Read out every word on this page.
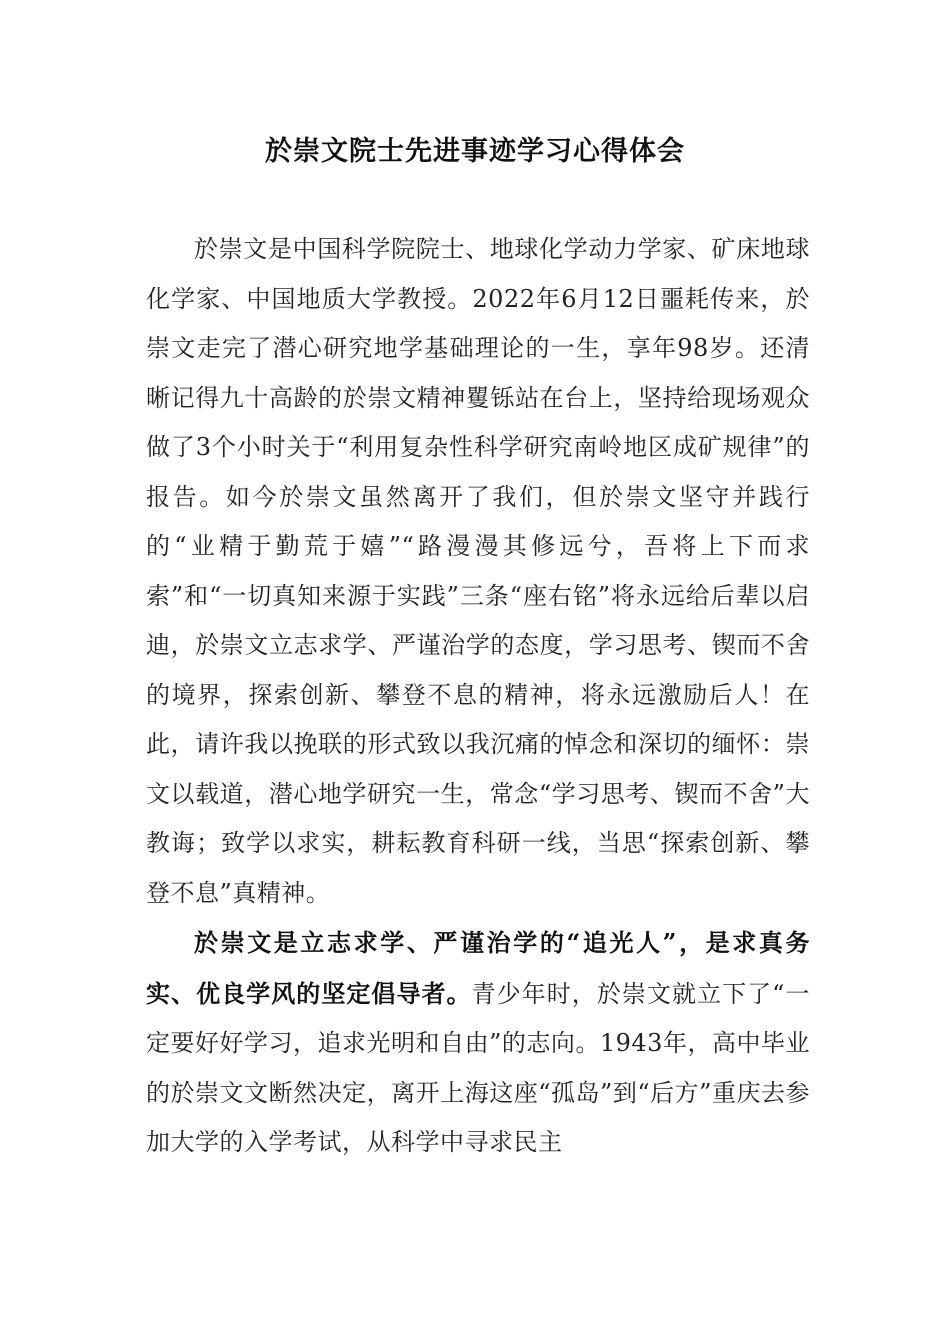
於崇文院士先进事迹学习心得体会

於崇文是中国科学院院士、地球化学动力学家、矿床地球化学家、中国地质大学教授。2022年6月12日噩耗传来，於崇文走完了潜心研究地学基础理论的一生，享年98岁。还清晰记得九十高龄的於崇文精神矍铄站在台上，坚持给现场观众做了3个小时关于“利用复杂性科学研究南岭地区成矿规律”的报告。如今於崇文虽然离开了我们，但於崇文坚守并践行的“业精于勤荒于嬉”“路漫漫其修远兮，吾将上下而求索”和“一切真知来源于实践”三条“座右铭”将永远给后辈以启迪，於崇文立志求学、严谨治学的态度，学习思考、锲而不舍的境界，探索创新、攀登不息的精神，将永远激励后人！在此，请许我以挽联的形式致以我沉痛的悼念和深切的缅怀：崇文以载道，潜心地学研究一生，常念“学习思考、锲而不舍”大教诲；致学以求实，耕耘教育科研一线，当思“探索创新、攀登不息”真精神。

於崇文是立志求学、严谨治学的“追光人”，是求真务实、优良学风的坚定倡导者。青少年时，於崇文就立下了“一定要好好学习，追求光明和自由”的志向。1943年，高中毕业的於崇文文断然决定，离开上海这座“孤岛”到“后方”重庆去参加大学的入学考试，从科学中寻求民主
